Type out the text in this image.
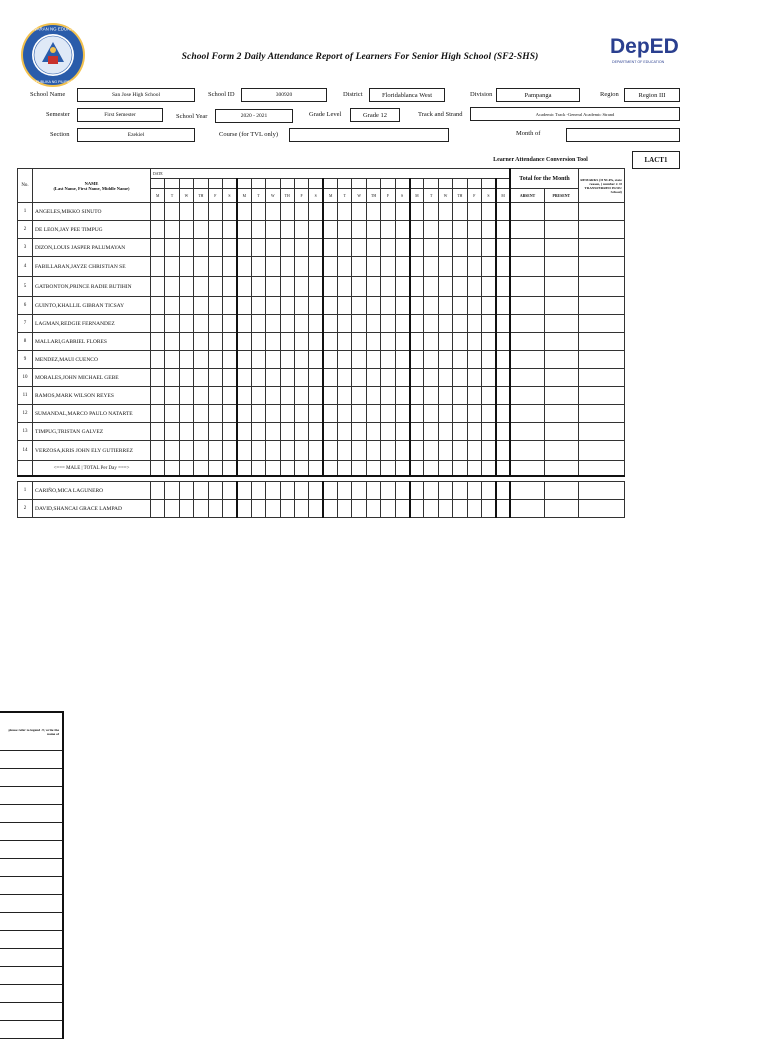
KAGAWARAN NG EDUKASYON
REPUBLIKA NG PILIPINAS
School Form 2 Daily Attendance Report of Learners For Senior High School (SF2-SHS)	DepED
DEPARTMENT OF EDUCATION
School Name	San Jose High School	School ID	300920	District	Floridablanca West	Division	Pampanga	Region	Region III
Semester	First Semester	School Year	2020 - 2021	Grade Level	Grade 12	Track and Strand	Academic Track -General Academic Strand
Section	Ezekiel	Course (for TVL only)	Month of
Learner Attendance Conversion Tool	LACT1
No.	NAME
(Last Name, First Name, Middle Name)	DATE																									Total for the Month		REMARKS (If NLPA, state reason, ) number 2. If TRANSFERRED IN/OU School)

		M	T	W	TH	F	S	M	T	W	TH	F	S	M	T	W	TH	F	S	M	T	W	TH	F	S	M	ABSENT	PRESENT	
1	ANGELES,MIKKO SINUTO																												
2	DE LEON,JAY PEE TIMPUG																												
3	DIZON,LOUIS JASPER PALUMAYAN																												
4	FABILLARAN,JAYZE CHRISTIAN SE																												
5	GATBONTON,PRINCE RADIE BUTIHIN																												
6	GUINTO,KHALLIL GIBRAN TICSAY																												
7	LAGMAN,REDGIE FERNANDEZ																												
8	MALLARI,GABRIEL FLORES																												
9	MENDEZ,MAUI CUENCO																												
10	MORALES,JOHN MICHAEL GEBE																												
11	RAMOS,MARK WILSON REYES																												
12	SUMANDAL,MARCO PAULO NATARTE																												
13	TIMPUG,TRISTAN GALVEZ																												
14	VERZOSA,KRIS JOHN ELY GUTIERREZ																												
	<=== MALE | TOTAL Per Day ===>																												

1	CARIÑO,MICA LAGUNERO																												
2	DAVID,SHANCAI GRACE LAMPAD																												
please refer to legend .T, write the name of
